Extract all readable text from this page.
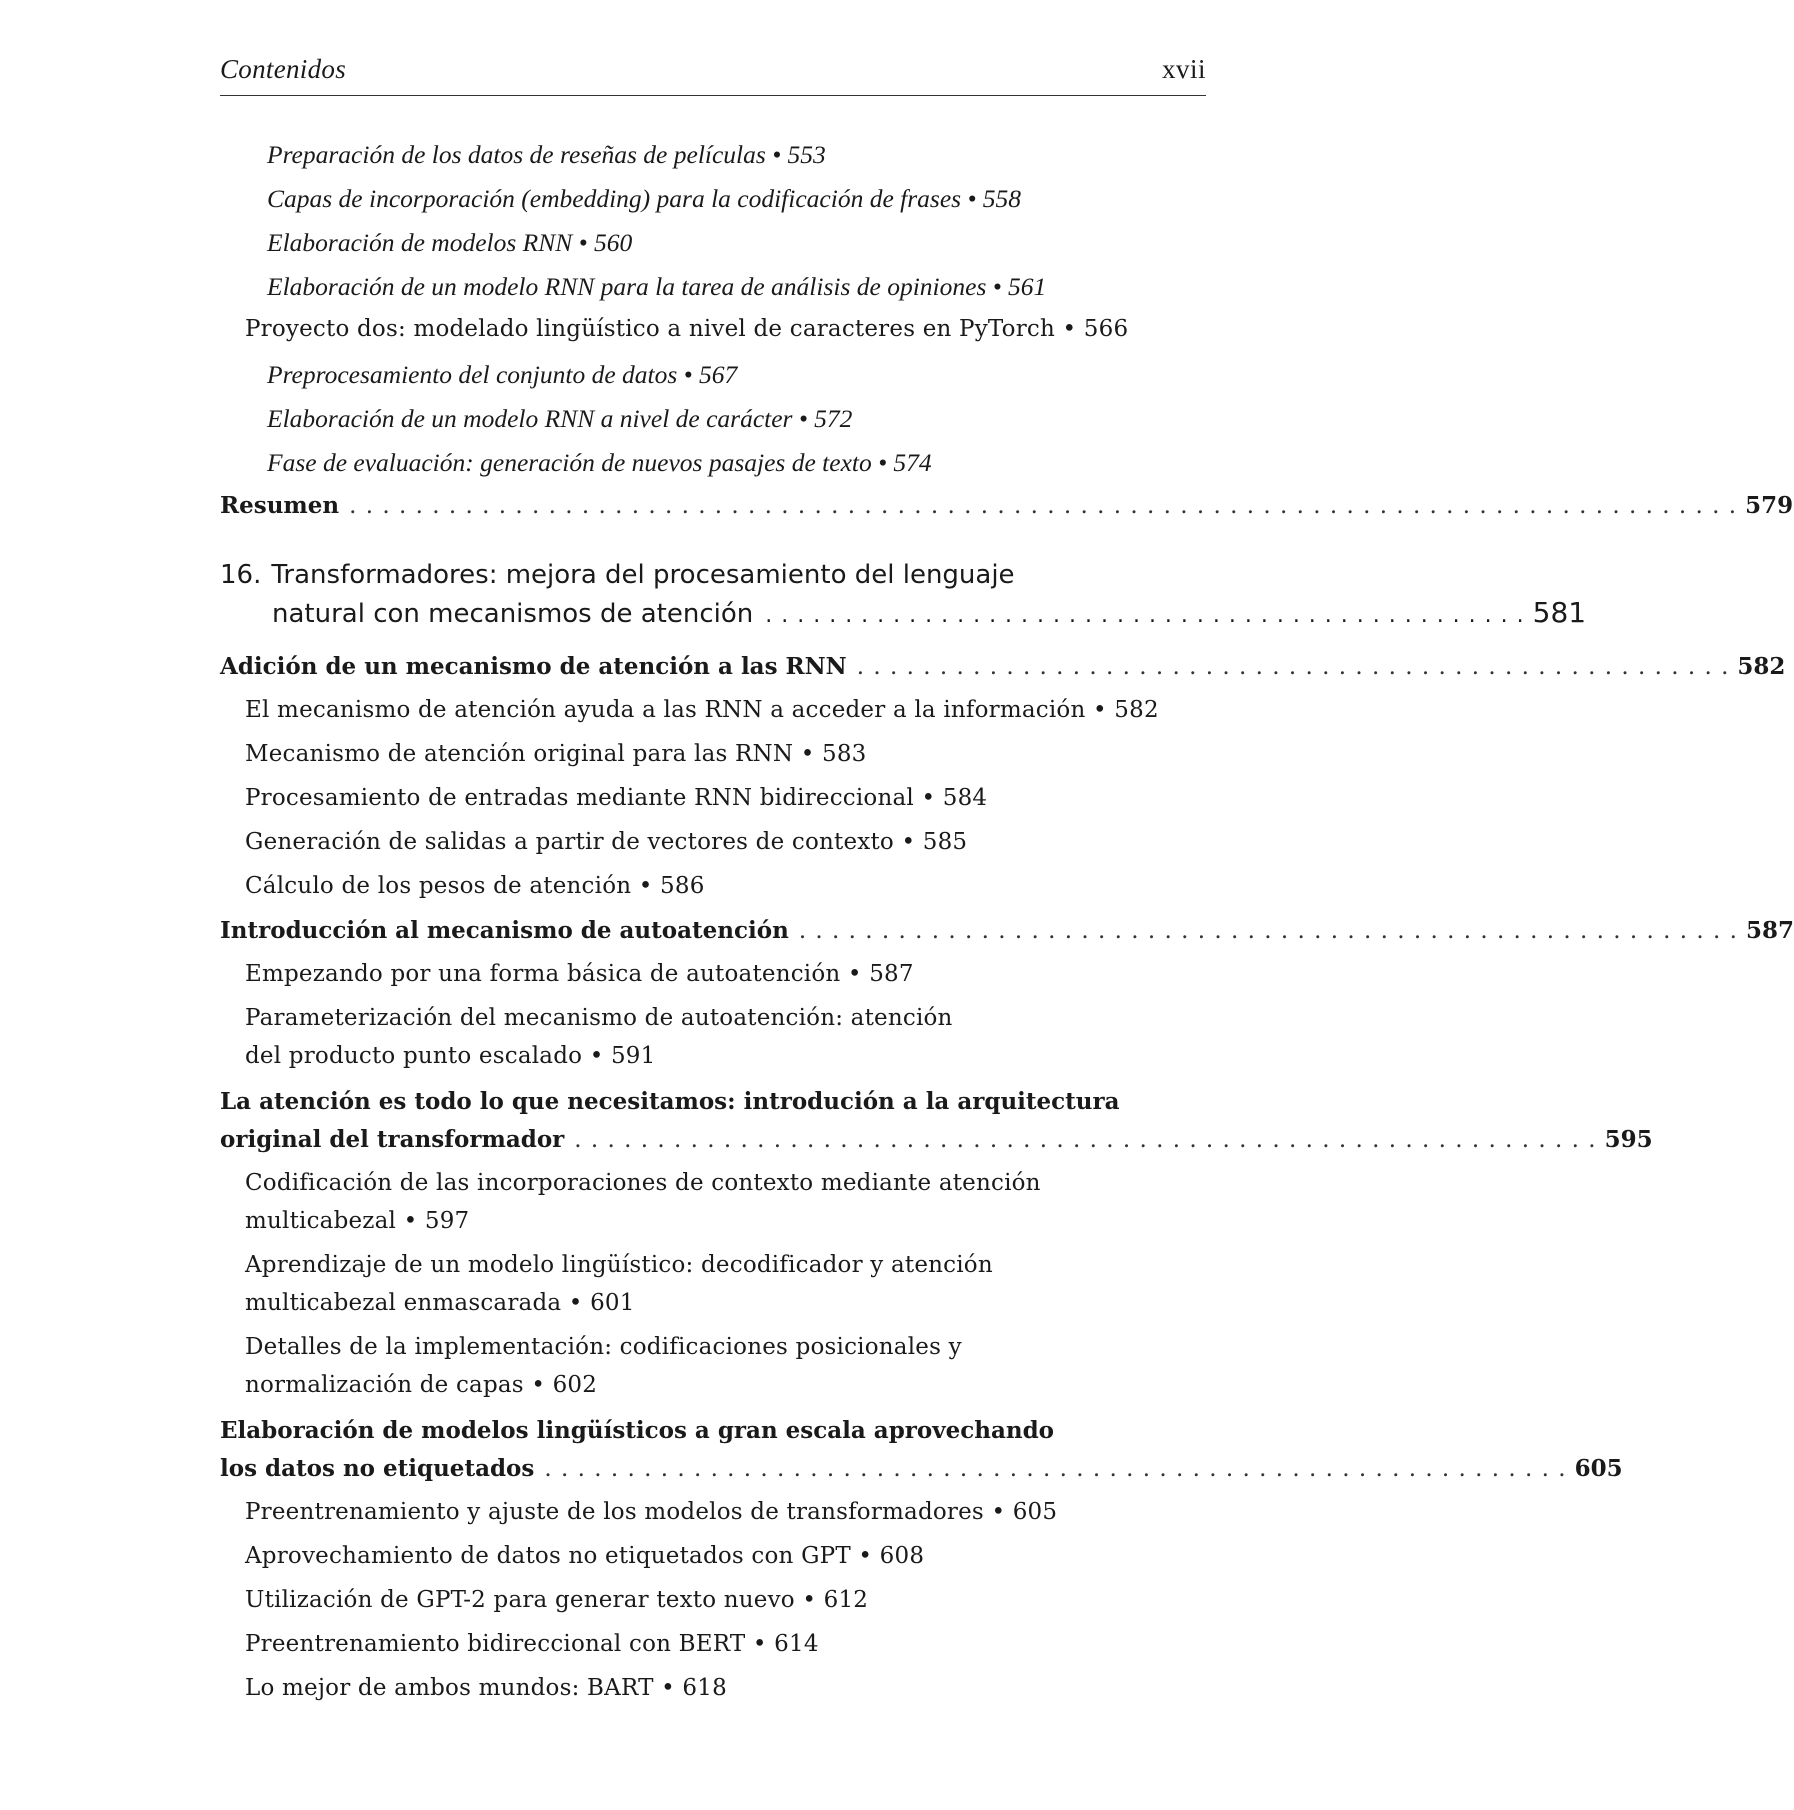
Contenidos	xvii
Preparación de los datos de reseñas de películas • 553
Capas de incorporación (embedding) para la codificación de frases • 558
Elaboración de modelos RNN • 560
Elaboración de un modelo RNN para la tarea de análisis de opiniones • 561
Proyecto dos: modelado lingüístico a nivel de caracteres en PyTorch • 566
Preprocesamiento del conjunto de datos • 567
Elaboración de un modelo RNN a nivel de carácter • 572
Fase de evaluación: generación de nuevos pasajes de texto • 574
Resumen . . . . . . . . . . . . . . . . . . . . . . . . . . . . . . . . . . . . . . . . . . . . . . . . . . . . . . . . . . . . . . . . . . . . . . . . . . . . . . . . . . . . 579
16. Transformadores: mejora del procesamiento del lenguaje
natural con mecanismos de atención . . . . . . . . . . . . . . . . . . . . . . . . . . . . . . . . . . . . . . . . . . . . . . . . 581
Adición de un mecanismo de atención a las RNN . . . . . . . . . . . . . . . . . . . . . . . . . . . . . . . . . . . . . . . . . . . . . . . . . . . . . 582
El mecanismo de atención ayuda a las RNN a acceder a la información • 582
Mecanismo de atención original para las RNN • 583
Procesamiento de entradas mediante RNN bidireccional • 584
Generación de salidas a partir de vectores de contexto • 585
Cálculo de los pesos de atención • 586
Introducción al mecanismo de autoatención . . . . . . . . . . . . . . . . . . . . . . . . . . . . . . . . . . . . . . . . . . . . . . . . . . . . . . . . . 587
Empezando por una forma básica de autoatención • 587
Parameterización del mecanismo de autoatención: atención
del producto punto escalado • 591
La atención es todo lo que necesitamos: introdución a la arquitectura
original del transformador . . . . . . . . . . . . . . . . . . . . . . . . . . . . . . . . . . . . . . . . . . . . . . . . . . . . . . . . . . . . . . 595
Codificación de las incorporaciones de contexto mediante atención
multicabezal • 597
Aprendizaje de un modelo lingüístico: decodificador y atención
multicabezal enmascarada • 601
Detalles de la implementación: codificaciones posicionales y
normalización de capas • 602
Elaboración de modelos lingüísticos a gran escala aprovechando
los datos no etiquetados . . . . . . . . . . . . . . . . . . . . . . . . . . . . . . . . . . . . . . . . . . . . . . . . . . . . . . . . . . . . . . 605
Preentrenamiento y ajuste de los modelos de transformadores • 605
Aprovechamiento de datos no etiquetados con GPT • 608
Utilización de GPT-2 para generar texto nuevo • 612
Preentrenamiento bidireccional con BERT • 614
Lo mejor de ambos mundos: BART • 618
